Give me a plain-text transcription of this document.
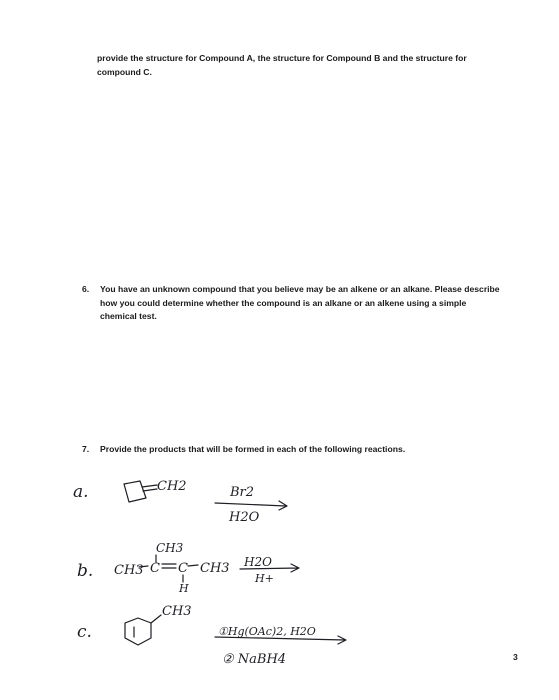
provide the structure for Compound A, the structure for Compound B and the structure for compound C.
6.	You have an unknown compound that you believe may be an alkene or an alkane. Please describe how you could determine whether the compound is an alkane or an alkene using a simple chemical test.
7.	Provide the products that will be formed in each of the following reactions.
a.	CH2	Br2
H2O
b. CH3 C
CH3
C
H
CH3 H2O
H+
c.
CH3
①Hg(OAc)2, H2O
② NaBH4	3
